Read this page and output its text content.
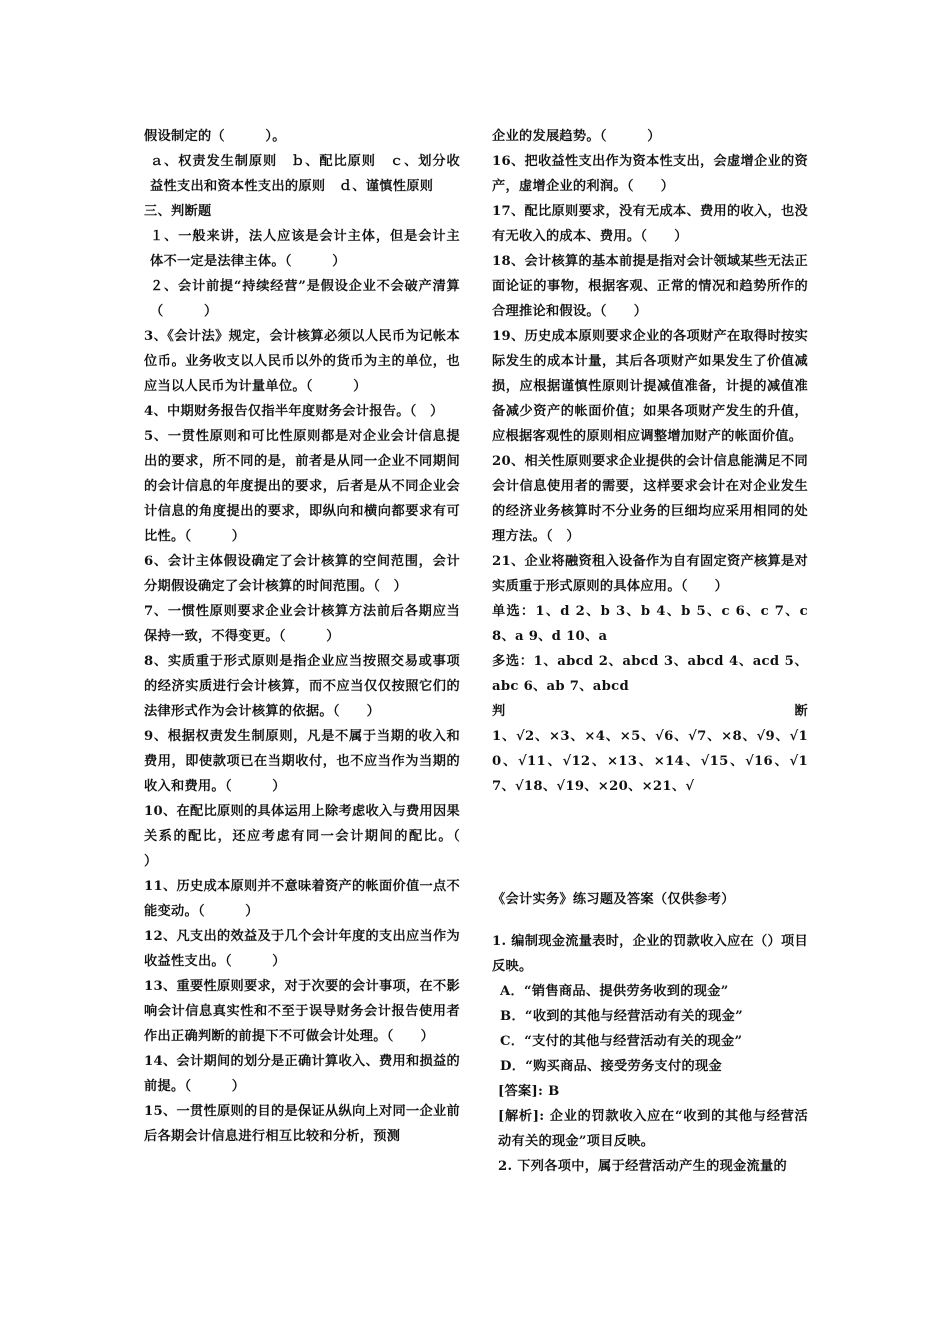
假设制定的（　　　）。

ａ、权责发生制原则　ｂ、配比原则　ｃ、划分收益性支出和资本性支出的原则　ｄ、谨慎性原则

三、判断题

１、一般来讲，法人应该是会计主体，但是会计主体不一定是法律主体。（　　　）

２、会计前提“持续经营”是假设企业不会破产清算（　　　）

3、《会计法》规定，会计核算必须以人民币为记帐本位币。业务收支以人民币以外的货币为主的单位，也应当以人民币为计量单位。（　　　）

4、中期财务报告仅指半年度财务会计报告。（　）

5、一贯性原则和可比性原则都是对企业会计信息提出的要求，所不同的是，前者是从同一企业不同期间的会计信息的年度提出的要求，后者是从不同企业会计信息的角度提出的要求，即纵向和横向都要求有可比性。（　　　）

6、会计主体假设确定了会计核算的空间范围，会计分期假设确定了会计核算的时间范围。（　）

7、一惯性原则要求企业会计核算方法前后各期应当保持一致，不得变更。（　　　）

8、实质重于形式原则是指企业应当按照交易或事项的经济实质进行会计核算，而不应当仅仅按照它们的法律形式作为会计核算的依据。（　　）

9、根据权责发生制原则，凡是不属于当期的收入和费用，即使款项已在当期收付，也不应当作为当期的收入和费用。（　　　）

10、在配比原则的具体运用上除考虑收入与费用因果关系的配比，还应考虑有同一会计期间的配比。（　　　）

11、历史成本原则并不意味着资产的帐面价值一点不能变动。（　　　）

12、凡支出的效益及于几个会计年度的支出应当作为收益性支出。（　　　）

13、重要性原则要求，对于次要的会计事项，在不影响会计信息真实性和不至于误导财务会计报告使用者作出正确判断的前提下不可做会计处理。（　　）

14、会计期间的划分是正确计算收入、费用和损益的前提。（　　　）

15、一贯性原则的目的是保证从纵向上对同一企业前后各期会计信息进行相互比较和分析，预测

企业的发展趋势。（　　　）

16、把收益性支出作为资本性支出，会虚增企业的资产，虚增企业的利润。（　　）

17、配比原则要求，没有无成本、费用的收入，也没有无收入的成本、费用。（　　）

18、会计核算的基本前提是指对会计领域某些无法正面论证的事物，根据客观、正常的情况和趋势所作的合理推论和假设。（　　）

19、历史成本原则要求企业的各项财产在取得时按实际发生的成本计量，其后各项财产如果发生了价值减损，应根据谨慎性原则计提减值准备，计提的减值准备减少资产的帐面价值；如果各项财产发生的升值，应根据客观性的原则相应调整增加财产的帐面价值。

20、相关性原则要求企业提供的会计信息能满足不同会计信息使用者的需要，这样要求会计在对企业发生的经济业务核算时不分业务的巨细均应采用相同的处理方法。（　）

21、企业将融资租入设备作为自有固定资产核算是对实质重于形式原则的具体应用。（　　）

单选：1、d 2、b 3、b 4、b 5、c 6、c 7、c 8、a 9、d 10、a

多选：1、abcd 2、abcd 3、abcd 4、acd 5、abc 6、ab 7、abcd

判	断

1、√2、×3、×4、×5、√6、√7、×8、√9、√10、√11、√12、×13、×14、√15、√16、√17、√18、√19、×20、×21、√

《会计实务》练习题及答案（仅供参考）

1. 编制现金流量表时，企业的罚款收入应在（）项目反映。

A．“销售商品、提供劳务收到的现金”

B．“收到的其他与经营活动有关的现金”

C．“支付的其他与经营活动有关的现金”

D．“购买商品、接受劳务支付的现金

[答案]: B

[解析]: 企业的罚款收入应在“收到的其他与经营活动有关的现金”项目反映。

2. 下列各项中，属于经营活动产生的现金流量的
